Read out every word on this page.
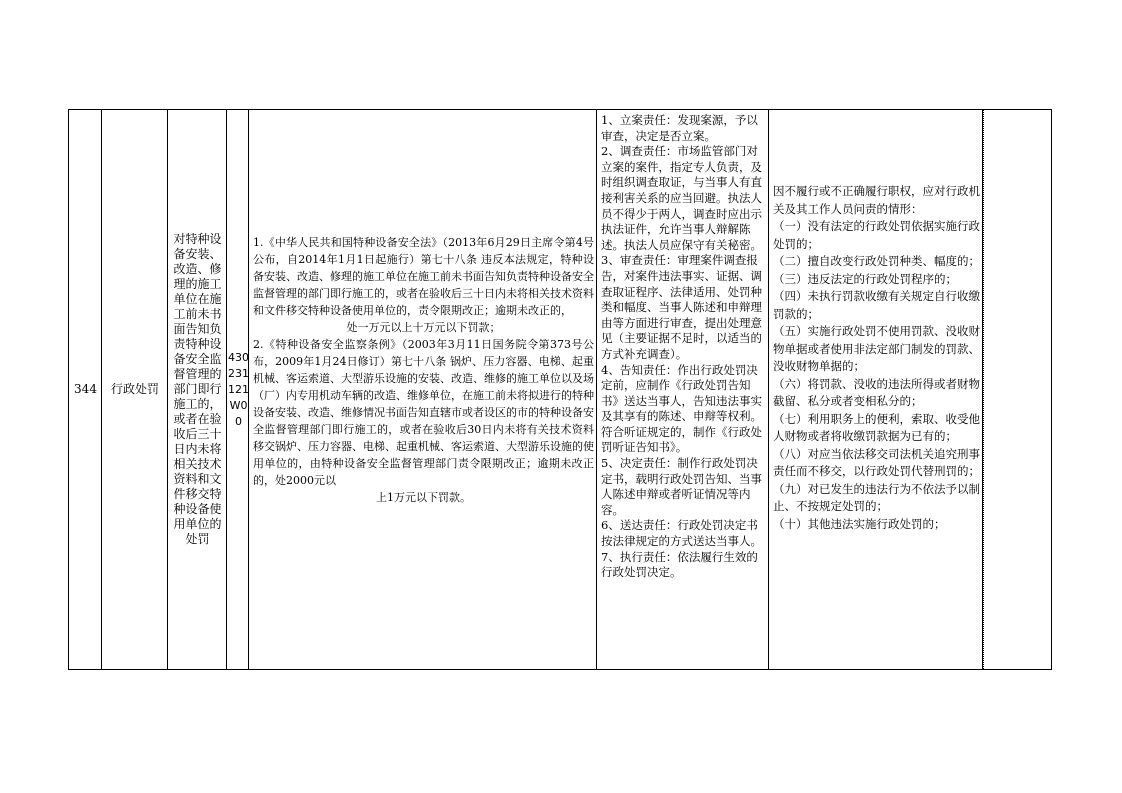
344	行政处罚
对特种设备安装、改造、修理的施工单位在施工前未书面告知负责特种设备安全监督管理的部门即行施工的，或者在验收后三十日内未将相关技术资料和文件移交特种设备使用单位的处罚
43023112​1W00

1.《中华人民共和国特种设备安全法》（2013年6月29日主席令第4号公布，自2014年1月1日起施行）第七十八条 违反本法规定，特种设备安装、改造、修理的施工单位在施工前未书面告知负责特种设备安全监督管理的部门即行施工的，或者在验收后三十日内未将相关技术资料和文件移交特种设备使用单位的，责令限期改正；逾期未改正的，

处一万元以上十万元以下罚款；

2.《特种设备安全监察条例》（2003年3月11日国务院令第373号公布，2009年1月24日修订）第七十八条 锅炉、压力容器、电梯、起重机械、客运索道、大型游乐设施的安装、改造、维修的施工单位以及场（厂）内专用机动车辆的改造、维修单位，在施工前未将拟进行的特种设备安装、改造、维修情况书面告知直辖市或者设区的市的特种设备安全监督管理部门即行施工的，或者在验收后30日内未将有关技术资料移交锅炉、压力容器、电梯、起重机械、客运索道、大型游乐设施的使用单位的，由特种设备安全监督管理部门责令限期改正；逾期未改正的，处2000元以

上1万元以下罚款。

1、立案责任：发现案源，予以审查，决定是否立案。

2、调查责任：市场监管部门对立案的案件，指定专人负责，及时组织调查取证，与当事人有直接利害关系的应当回避。执法人员不得少于两人，调查时应出示执法证件，允许当事人辩解陈述。执法人员应保守有关秘密。

3、审查责任：审理案件调查报告，对案件违法事实、证据、调查取证程序、法律适用、处罚种类和幅度、当事人陈述和申辩理由等方面进行审查，提出处理意见（主要证据不足时，以适当的方式补充调查）。

4、告知责任：作出行政处罚决定前，应制作《行政处罚告知书》送达当事人，告知违法事实及其享有的陈述、申辩等权利。符合听证规定的，制作《行政处罚听证告知书》。

5、决定责任：制作行政处罚决定书，载明行政处罚告知、当事人陈述申辩或者听证情况等内容。

6、送达责任：行政处罚决定书按法律规定的方式送达当事人。

7、执行责任：依法履行生效的行政处罚决定。

因不履行或不正确履行职权，应对行政机关及其工作人员问责的情形：

（一）没有法定的行政处罚依据实施行政处罚的；

（二）擅自改变行政处罚种类、幅度的；

（三）违反法定的行政处罚程序的；

（四）未执行罚款收缴有关规定自行收缴罚款的；

（五）实施行政处罚不使用罚款、没收财物单据或者使用非法定部门制发的罚款、没收财物单据的；

（六）将罚款、没收的违法所得或者财物截留、私分或者变相私分的；

（七）利用职务上的便利，索取、收受他人财物或者将收缴罚款据为已有的；

（八）对应当依法移交司法机关追究刑事责任而不移交，以行政处罚代替刑罚的；

（九）对已发生的违法行为不依法予以制止、不按规定处罚的；

（十）其他违法实施行政处罚的；
